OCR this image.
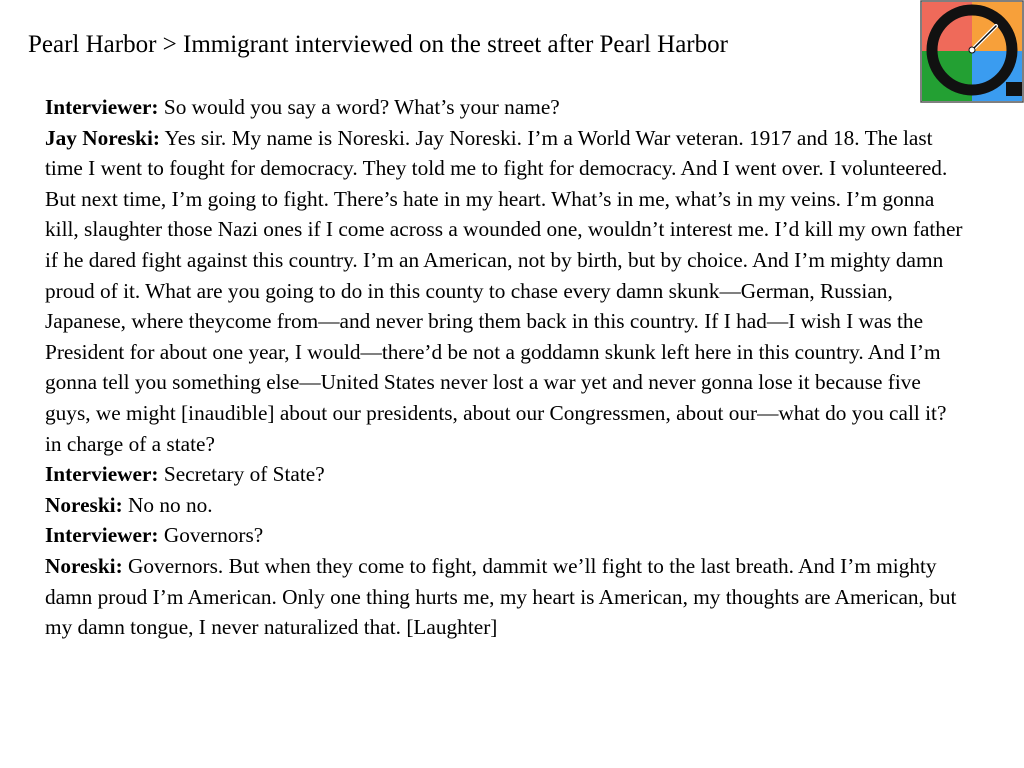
Pearl Harbor > Immigrant interviewed on the street after Pearl Harbor

Interviewer: So would you say a word? What’s your name?

Jay Noreski: Yes sir. My name is Noreski. Jay Noreski. I’m a World War veteran. 1917 and 18. The last time I went to fought for democracy. They told me to fight for democracy. And I went over. I volunteered. But next time, I’m going to fight. There’s hate in my heart. What’s in me, what’s in my veins. I’m gonna kill, slaughter those Nazi ones if I come across a wounded one, wouldn’t interest me. I’d kill my own father if he dared fight against this country. I’m an American, not by birth, but by choice. And I’m mighty damn proud of it. What are you going to do in this county to chase every damn skunk—German, Russian, Japanese, where theycome from—and never bring them back in this country. If I had—I wish I was the President for about one year, I would—there’d be not a goddamn skunk left here in this country. And I’m gonna tell you something else—United States never lost a war yet and never gonna lose it because five guys, we might [inaudible] about our presidents, about our Congressmen, about our—what do you call it? in charge of a state?

Interviewer: Secretary of State?

Noreski: No no no.

Interviewer: Governors?

Noreski: Governors. But when they come to fight, dammit we’ll fight to the last breath. And I’m mighty damn proud I’m American. Only one thing hurts me, my heart is American, my thoughts are American, but my damn tongue, I never naturalized that. [Laughter]
